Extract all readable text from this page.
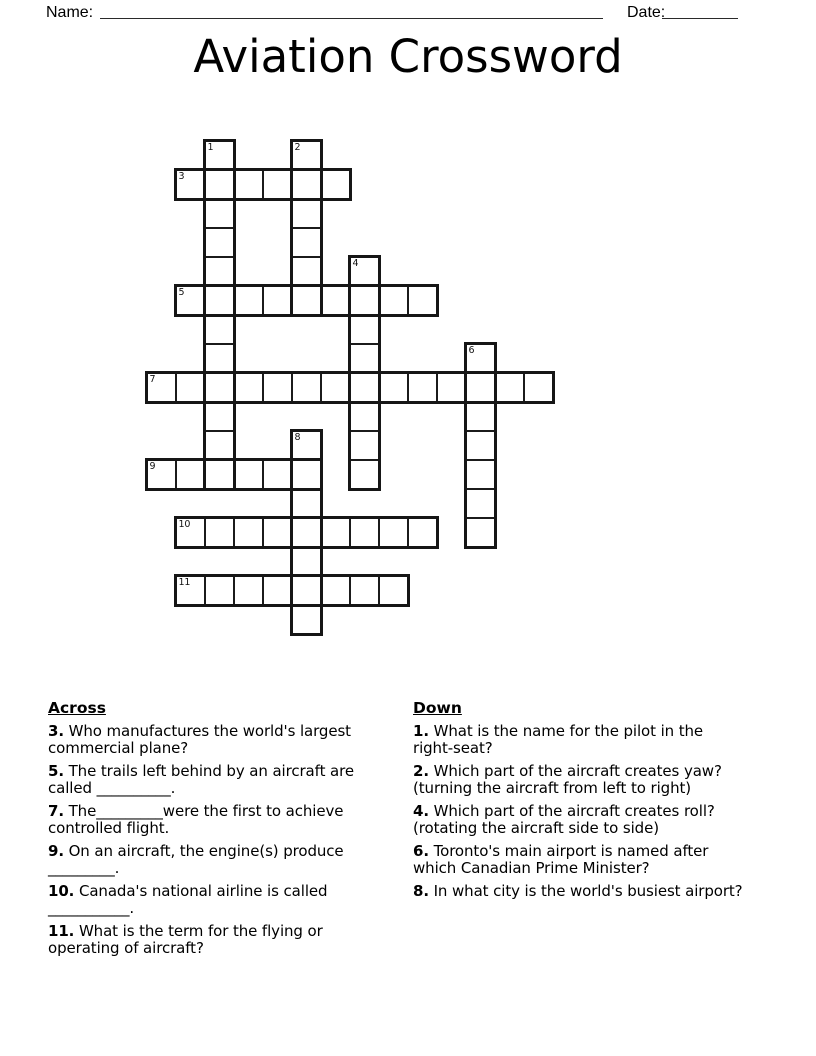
Name:	Date:
Aviation Crossword
1	2
3
4
5
6
7
8
9
10
11
Across

3. Who manufactures the world's largest commercial plane?

5. The trails left behind by an aircraft are called __________.

7. The_________were the first to achieve controlled flight.

9. On an aircraft, the engine(s) produce _________.

10. Canada's national airline is called ___________.

11. What is the term for the flying or operating of aircraft?

Down

1. What is the name for the pilot in the right-seat?

2. Which part of the aircraft creates yaw? (turning the aircraft from left to right)

4. Which part of the aircraft creates roll? (rotating the aircraft side to side)

6. Toronto's main airport is named after which Canadian Prime Minister?

8. In what city is the world's busiest airport?
